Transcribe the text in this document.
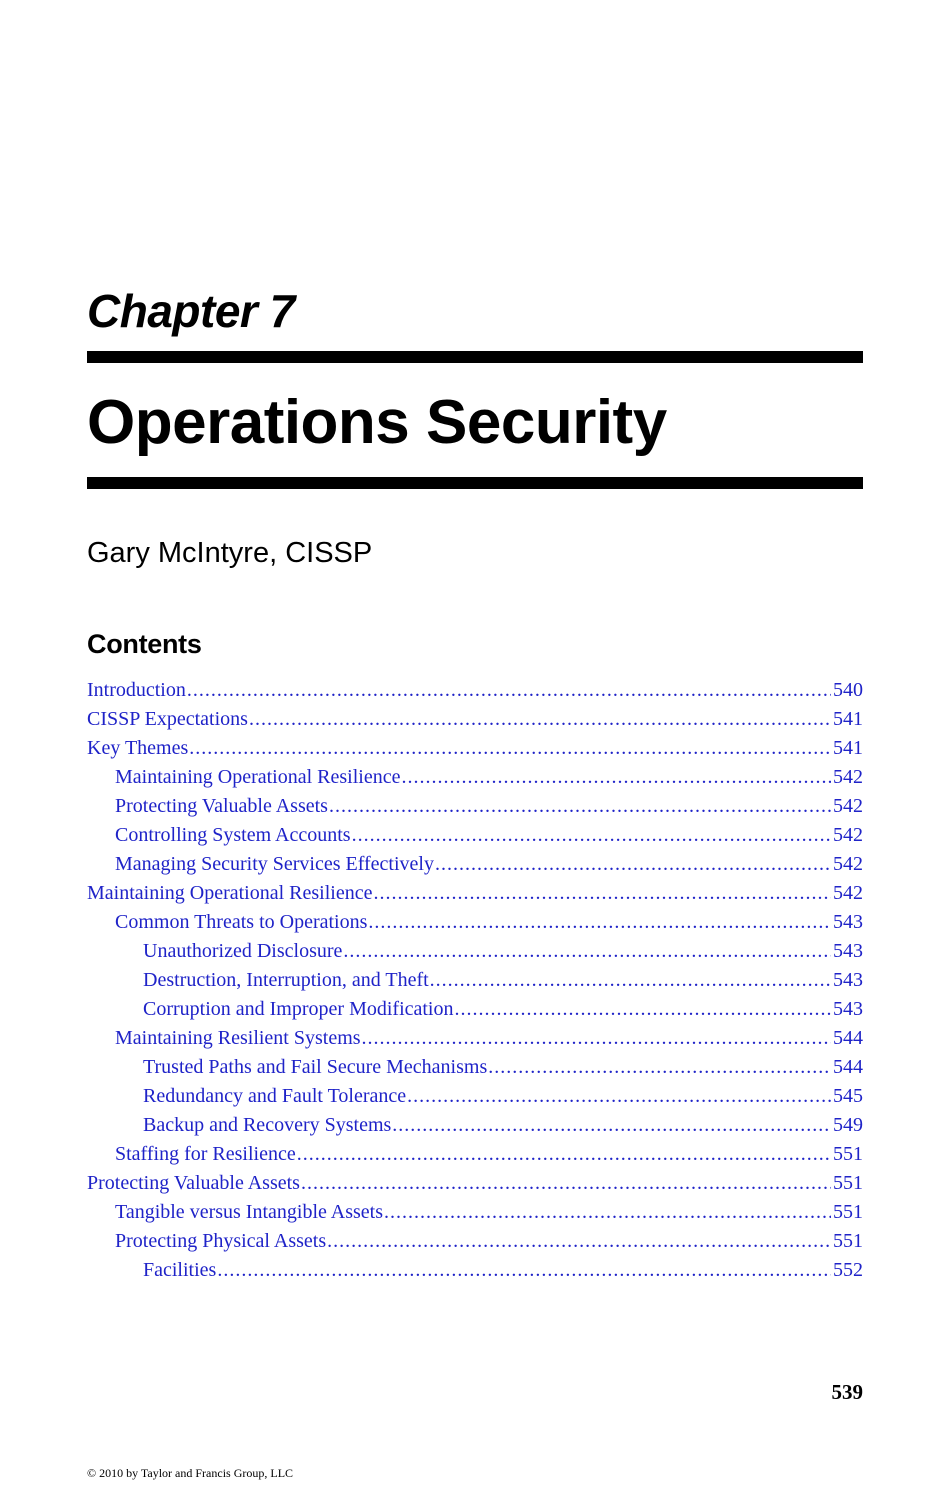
Chapter 7
Operations Security
Gary McIntyre, CISSP
Contents
Introduction .....	540
CISSP Expectations .....	541
Key Themes .....	541
Maintaining Operational Resilience .....	542
Protecting Valuable Assets .....	542
Controlling System Accounts .....	542
Managing Security Services Effectively .....	542
Maintaining Operational Resilience .....	542
Common Threats to Operations .....	543
Unauthorized Disclosure .....	543
Destruction, Interruption, and Theft .....	543
Corruption and Improper Modification .....	543
Maintaining Resilient Systems .....	544
Trusted Paths and Fail Secure Mechanisms .....	544
Redundancy and Fault Tolerance .....	545
Backup and Recovery Systems .....	549
Staffing for Resilience .....	551
Protecting Valuable Assets .....	551
Tangible versus Intangible Assets .....	551
Protecting Physical Assets .....	551
Facilities .....	552
539
© 2010 by Taylor and Francis Group, LLC
